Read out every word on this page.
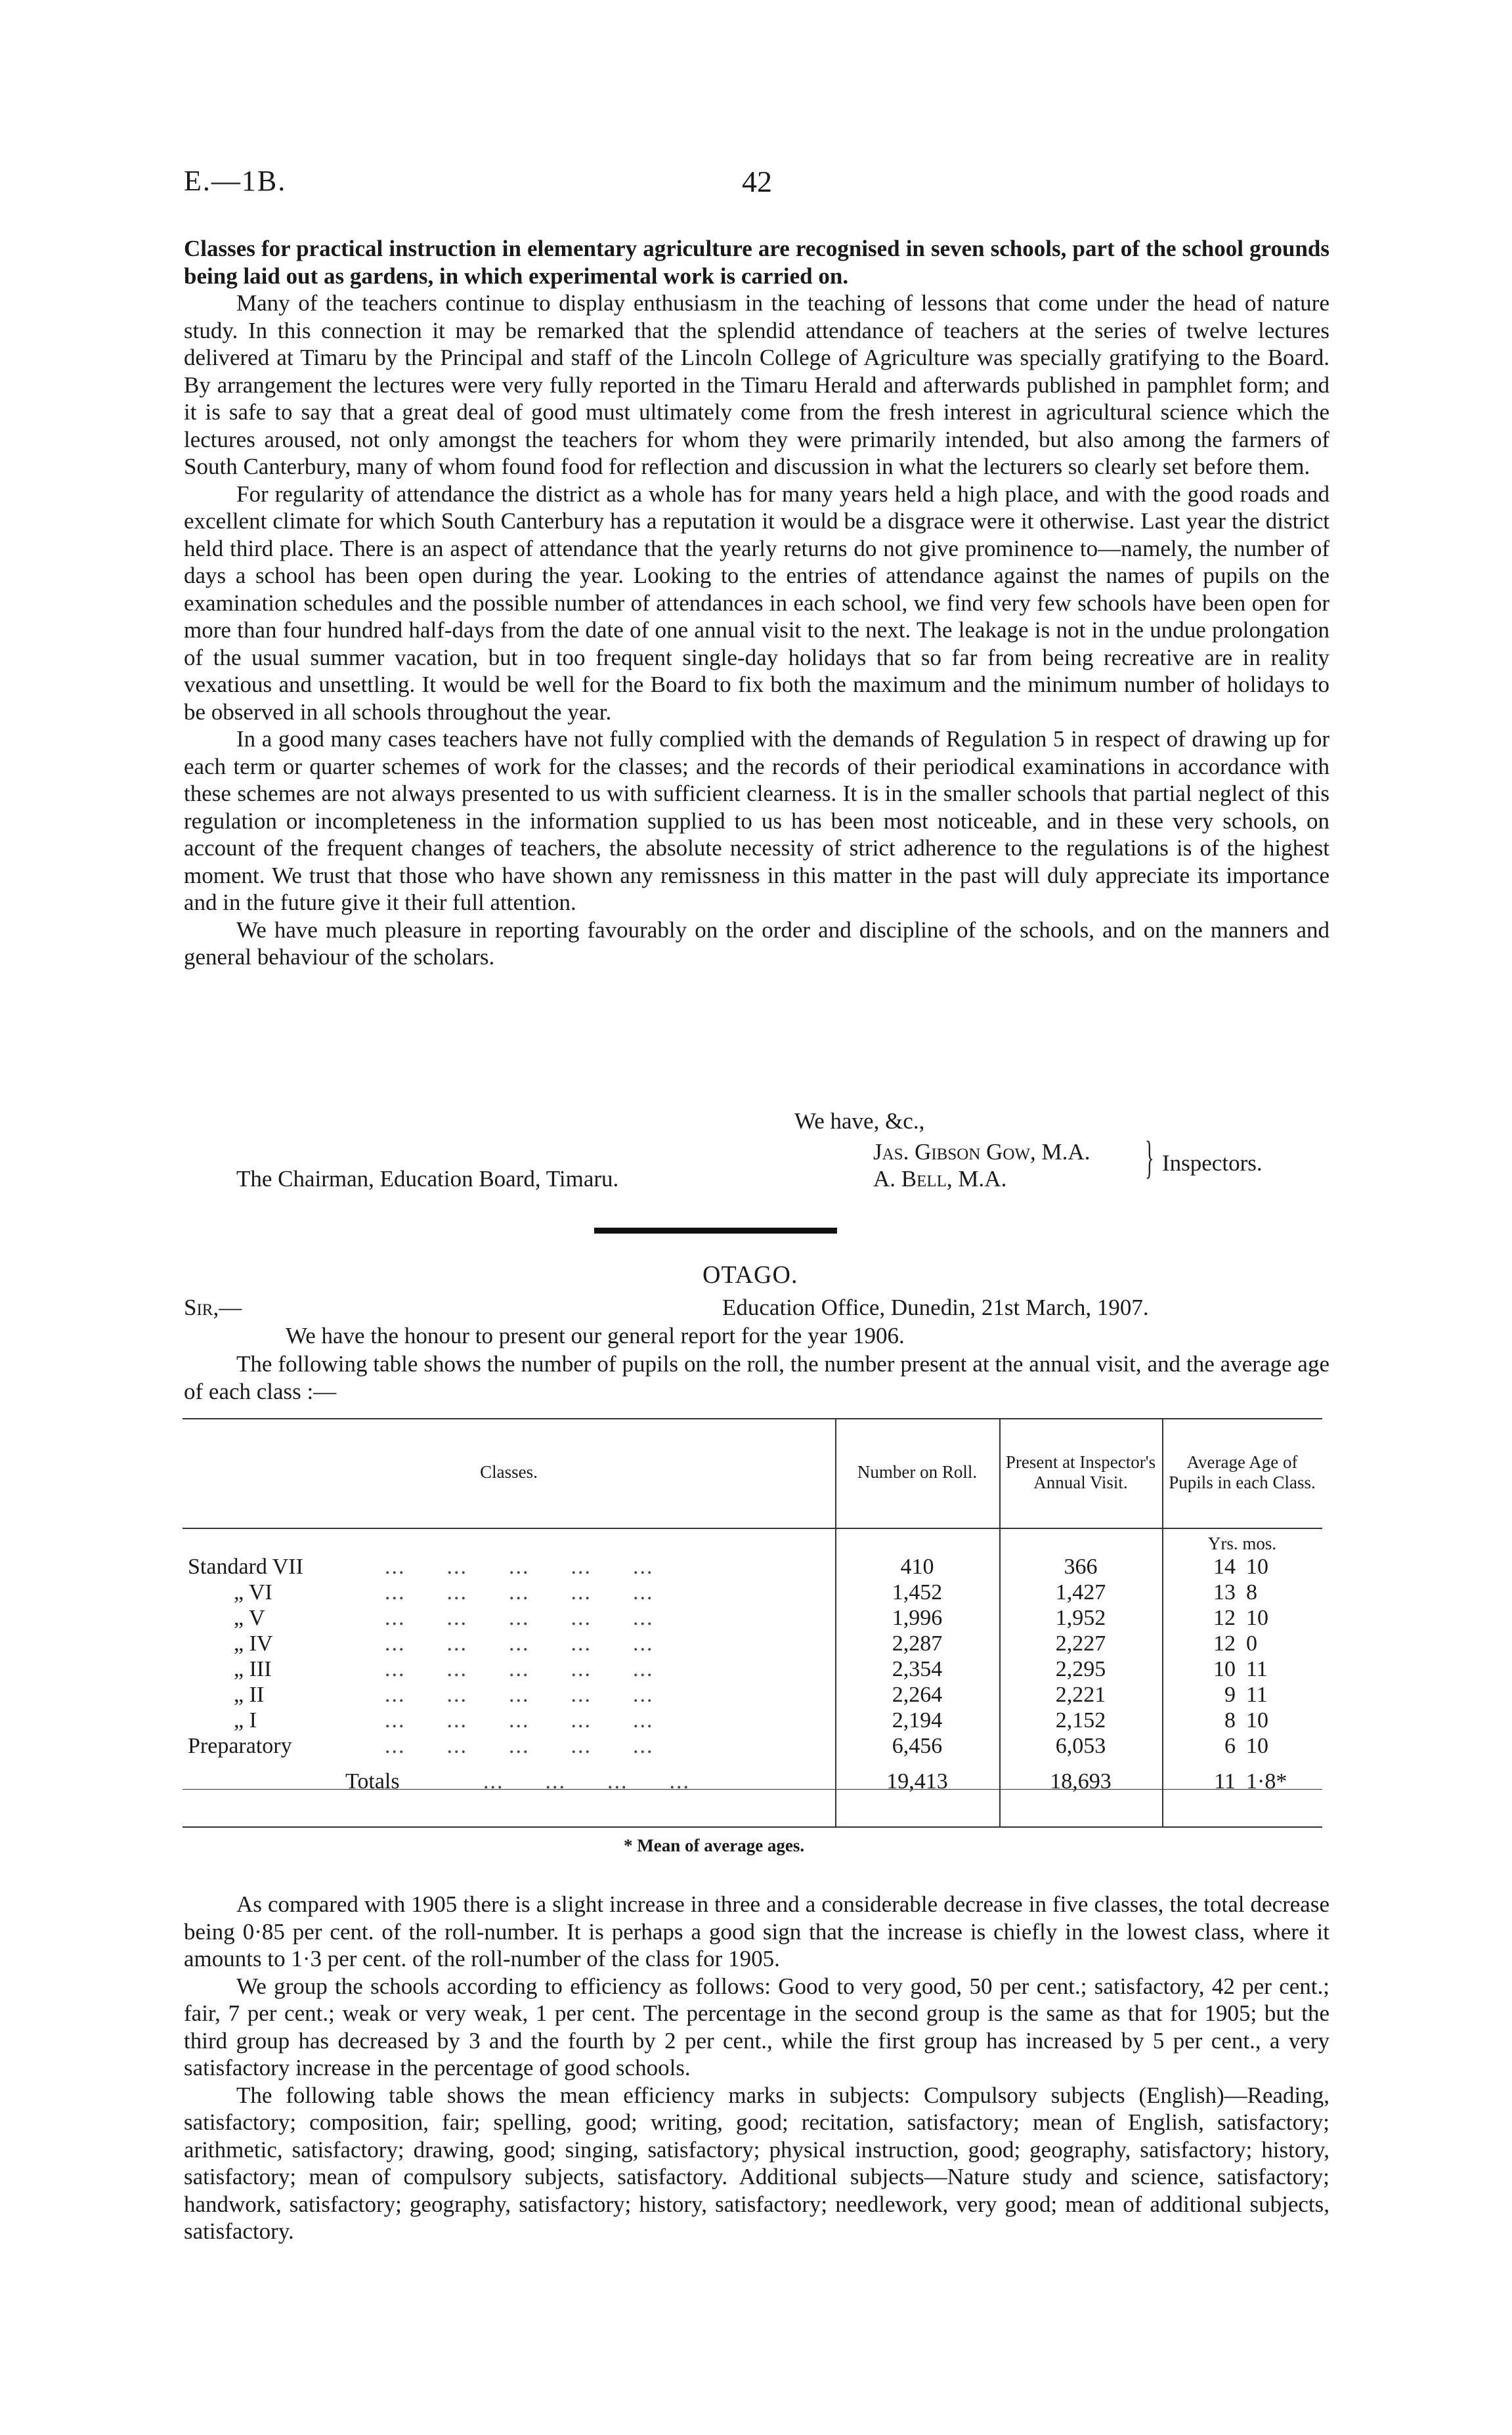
E.—1B.	42

Classes for practical instruction in elementary agriculture are recognised in seven schools, part of the school grounds being laid out as gardens, in which experimental work is carried on.

Many of the teachers continue to display enthusiasm in the teaching of lessons that come under the head of nature study. In this connection it may be remarked that the splendid attendance of teachers at the series of twelve lectures delivered at Timaru by the Principal and staff of the Lincoln College of Agriculture was specially gratifying to the Board. By arrangement the lectures were very fully reported in the Timaru Herald and afterwards published in pamphlet form; and it is safe to say that a great deal of good must ultimately come from the fresh interest in agricultural science which the lectures aroused, not only amongst the teachers for whom they were primarily intended, but also among the farmers of South Canterbury, many of whom found food for reflection and discussion in what the lecturers so clearly set before them.

For regularity of attendance the district as a whole has for many years held a high place, and with the good roads and excellent climate for which South Canterbury has a reputation it would be a disgrace were it otherwise. Last year the district held third place. There is an aspect of attendance that the yearly returns do not give prominence to—namely, the number of days a school has been open during the year. Looking to the entries of attendance against the names of pupils on the examination schedules and the possible number of attendances in each school, we find very few schools have been open for more than four hundred half-days from the date of one annual visit to the next. The leakage is not in the undue prolongation of the usual summer vacation, but in too frequent single-day holidays that so far from being recreative are in reality vexatious and unsettling. It would be well for the Board to fix both the maximum and the minimum number of holidays to be observed in all schools throughout the year.

In a good many cases teachers have not fully complied with the demands of Regulation 5 in respect of drawing up for each term or quarter schemes of work for the classes; and the records of their periodical examinations in accordance with these schemes are not always presented to us with sufficient clearness. It is in the smaller schools that partial neglect of this regulation or incompleteness in the information supplied to us has been most noticeable, and in these very schools, on account of the frequent changes of teachers, the absolute necessity of strict adherence to the regulations is of the highest moment. We trust that those who have shown any remissness in this matter in the past will duly appreciate its importance and in the future give it their full attention.

We have much pleasure in reporting favourably on the order and discipline of the schools, and on the manners and general behaviour of the scholars.

We have, &c.,
Jas. Gibson Gow, M.A.
A. Bell, M.A.	} Inspectors.
The Chairman, Education Board, Timaru.
OTAGO.
Sir,—	Education Office, Dunedin, 21st March, 1907.
We have the honour to present our general report for the year 1906.

The following table shows the number of pupils on the roll, the number present at the annual visit, and the average age of each class :—

Classes.	Number on Roll.	Present at Inspector's Annual Visit.	Average Age of Pupils in each Class.	
			Yrs. mos.	
Standard VII ...      ...      ...      ...      ...	410	366	14	10
„ VI ...      ...      ...      ...      ...	1,452	1,427	13	8
„ V ...      ...      ...      ...      ...	1,996	1,952	12	10
„ IV ...      ...      ...      ...      ...	2,287	2,227	12	0
„ III ...      ...      ...      ...      ...	2,354	2,295	10	11
„ II ...      ...      ...      ...      ...	2,264	2,221	9	11
„ I ...      ...      ...      ...      ...	2,194	2,152	8	10
Preparatory ...      ...      ...      ...      ...	6,456	6,053	6	10
Totals ...      ...      ...      ...	19,413	18,693	11	1·8*
* Mean of average ages.

As compared with 1905 there is a slight increase in three and a considerable decrease in five classes, the total decrease being 0·85 per cent. of the roll-number. It is perhaps a good sign that the increase is chiefly in the lowest class, where it amounts to 1·3 per cent. of the roll-number of the class for 1905.

We group the schools according to efficiency as follows: Good to very good, 50 per cent.; satisfactory, 42 per cent.; fair, 7 per cent.; weak or very weak, 1 per cent. The percentage in the second group is the same as that for 1905; but the third group has decreased by 3 and the fourth by 2 per cent., while the first group has increased by 5 per cent., a very satisfactory increase in the percentage of good schools.

The following table shows the mean efficiency marks in subjects: Compulsory subjects (English)—Reading, satisfactory; composition, fair; spelling, good; writing, good; recitation, satisfactory; mean of English, satisfactory; arithmetic, satisfactory; drawing, good; singing, satisfactory; physical instruction, good; geography, satisfactory; history, satisfactory; mean of compulsory subjects, satisfactory. Additional subjects—Nature study and science, satisfactory; handwork, satisfactory; geography, satisfactory; history, satisfactory; needlework, very good; mean of additional subjects, satisfactory.
